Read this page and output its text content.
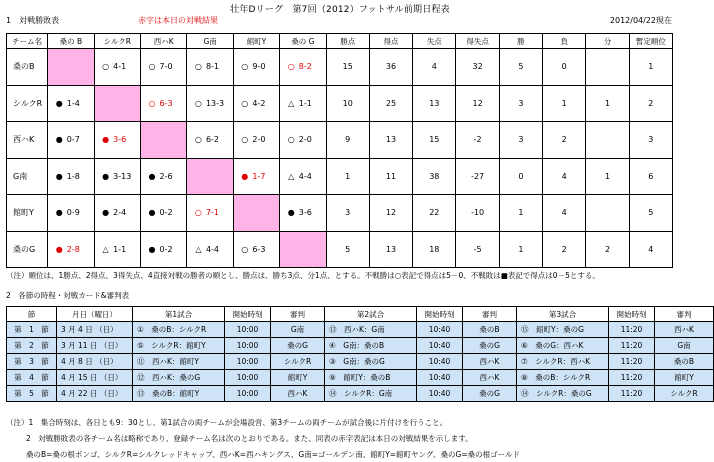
壮年Dリーグ　第7回（2012）フットサル前期日程表
1　対戦勝敗表	赤字は本日の対戦結果	2012/04/22現在
チーム名	桑の B	シルクR	西ハK	G南	館町Y	桑の G	勝点	得点	失点	得失点	勝	負	分	暫定順位
桑のB		○ 4-1	○ 7-0	○ 8-1	○ 9-0	○ 8-2	15	36	4	32	5	0		1
シルクR	● 1-4		○ 6-3	○ 13-3	○ 4-2	△ 1-1	10	25	13	12	3	1	1	2
西ハK	● 0-7	● 3-6		○ 6-2	○ 2-0	○ 2-0	9	13	15	-2	3	2		3
G南	● 1-8	● 3-13	● 2-6		● 1-7	△ 4-4	1	11	38	-27	0	4	1	6
館町Y	● 0-9	● 2-4	● 0-2	○ 7-1		● 3-6	3	12	22	-10	1	4		5
桑のG	● 2-8	△ 1-1	● 0-2	△ 4-4	○ 6-3		5	13	18	-5	1	2	2	4
（注）順位は、1勝点、2得点、3得失点、4直接対戦の勝者の順とし、勝点は、勝ち3点、分1点、とする。不戦勝は○表記で得点は5－0、不戦敗は■表記で得点は0－5とする。
2　各節の時程・対戦カード&審判表
節	月日（曜日）	第1試合	開始時刻	審判	第2試合	開始時刻	審判	第3試合	開始時刻	審判
第　1　節	3 月 4 日 （日）	①　桑のB：シルクR	10:00	G南	⑬　西ハK：G南	10:40	桑のB	⑮　館町Y：桑のG	11:20	西ハK
第　2　節	3 月 11 日 （日）	⑤　シルクR：館町Y	10:00	桑のG	④　G南：桑のB	10:40	桑のG	⑥　桑のG：西ハK	11:20	G南
第　3　節	4 月 8 日 （日）	⑪　西ハK：館町Y	10:00	シルクR	③　G南：桑のG	10:40	西ハK	⑦　シルクR：西ハK	11:20	桑のB
第　4　節	4 月 15 日 （日）	⑫　西ハK：桑のG	10:00	館町Y	⑨　館町Y：桑のB	10:40	西ハK	⑧　桑のB：シルクR	11:20	館町Y
第　5　節	4 月 22 日 （日）	⑬　桑のB：館町Y	10:00	西ハK	⑭　シルクR：G南	10:40	桑のG	⑭　シルクR：桑のG	11:20	シルクR
（注）1　集合時刻は、各日とも9：30とし、第1試合の両チームが会場設営、第3チームの両チームが試合後に片付けを行うこと。
2　対戦勝敗表の各チーム名は略称であり、登録チーム名は次のとおりである。また、同表の赤字表記は本日の対戦結果を示します。
桑のB=桑の根ボンゴ、シルクR=シルクレッドキャップ、西ハK=西ハキングス、G南=ゴールデン南、館町Y=館町ヤング、桑のG=桑の根ゴールド
